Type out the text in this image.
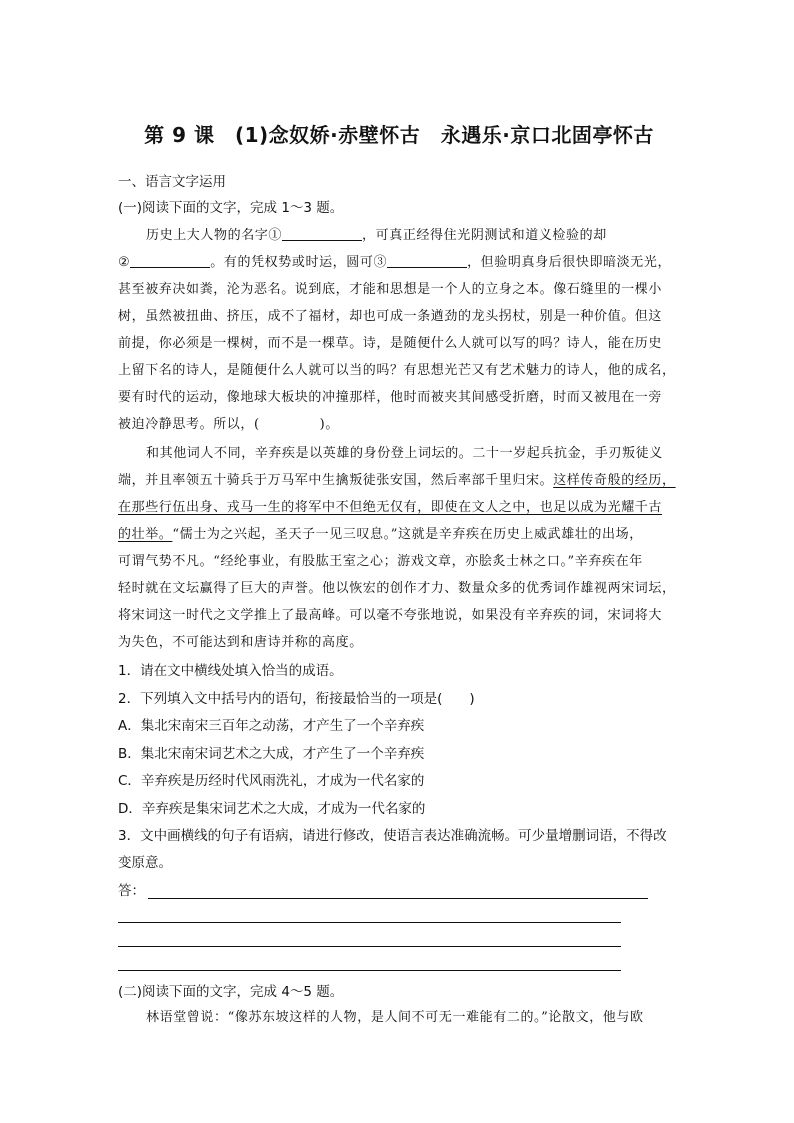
第 9 课　(1)念奴娇·赤壁怀古　永遇乐·京口北固亭怀古
一、语言文字运用
(一)阅读下面的文字，完成 1～3 题。
历史上大人物的名字①	，可真正经得住光阴测试和道义检验的却
②	。有的凭权势或时运，圆可③	，但验明真身后很快即暗淡无光，
甚至被弃决如粪，沦为恶名。说到底，才能和思想是一个人的立身之本。像石缝里的一棵小
树，虽然被扭曲、挤压，成不了福材，却也可成一条遒劲的龙头拐杖，别是一种价值。但这
前提，你必须是一棵树，而不是一棵草。诗，是随便什么人就可以写的吗？诗人，能在历史
上留下名的诗人，是随便什么人就可以当的吗？有思想光芒又有艺术魅力的诗人，他的成名，
要有时代的运动，像地球大板块的冲撞那样，他时而被夹其间感受折磨，时而又被甩在一旁
被迫冷静思考。所以，(	)。
和其他词人不同，辛弃疾是以英雄的身份登上词坛的。二十一岁起兵抗金，手刃叛徒义
端，并且率领五十骑兵于万马军中生擒叛徒张安国，然后率部千里归宋。这样传奇般的经历，
在那些行伍出身、戎马一生的将军中不但绝无仅有，即使在文人之中，也足以成为光耀千古
的壮举。“儒士为之兴起，圣天子一见三叹息。”这就是辛弃疾在历史上威武雄壮的出场，
可谓气势不凡。“经纶事业，有股肱王室之心；游戏文章，亦脍炙士林之口。”辛弃疾在年
轻时就在文坛赢得了巨大的声誉。他以恢宏的创作才力、数量众多的优秀词作雄视两宋词坛，
将宋词这一时代之文学推上了最高峰。可以毫不夸张地说，如果没有辛弃疾的词，宋词将大
为失色，不可能达到和唐诗并称的高度。
1．请在文中横线处填入恰当的成语。
2．下列填入文中括号内的语句，衔接最恰当的一项是(　　)
A．集北宋南宋三百年之动荡，才产生了一个辛弃疾
B．集北宋南宋词艺术之大成，才产生了一个辛弃疾
C．辛弃疾是历经时代风雨洗礼，才成为一代名家的
D．辛弃疾是集宋词艺术之大成，才成为一代名家的
3．文中画横线的句子有语病，请进行修改，使语言表达准确流畅。可少量增删词语，不得改
变原意。
答：
(二)阅读下面的文字，完成 4～5 题。
林语堂曾说：“像苏东坡这样的人物，是人间不可无一难能有二的。”论散文，他与欧
